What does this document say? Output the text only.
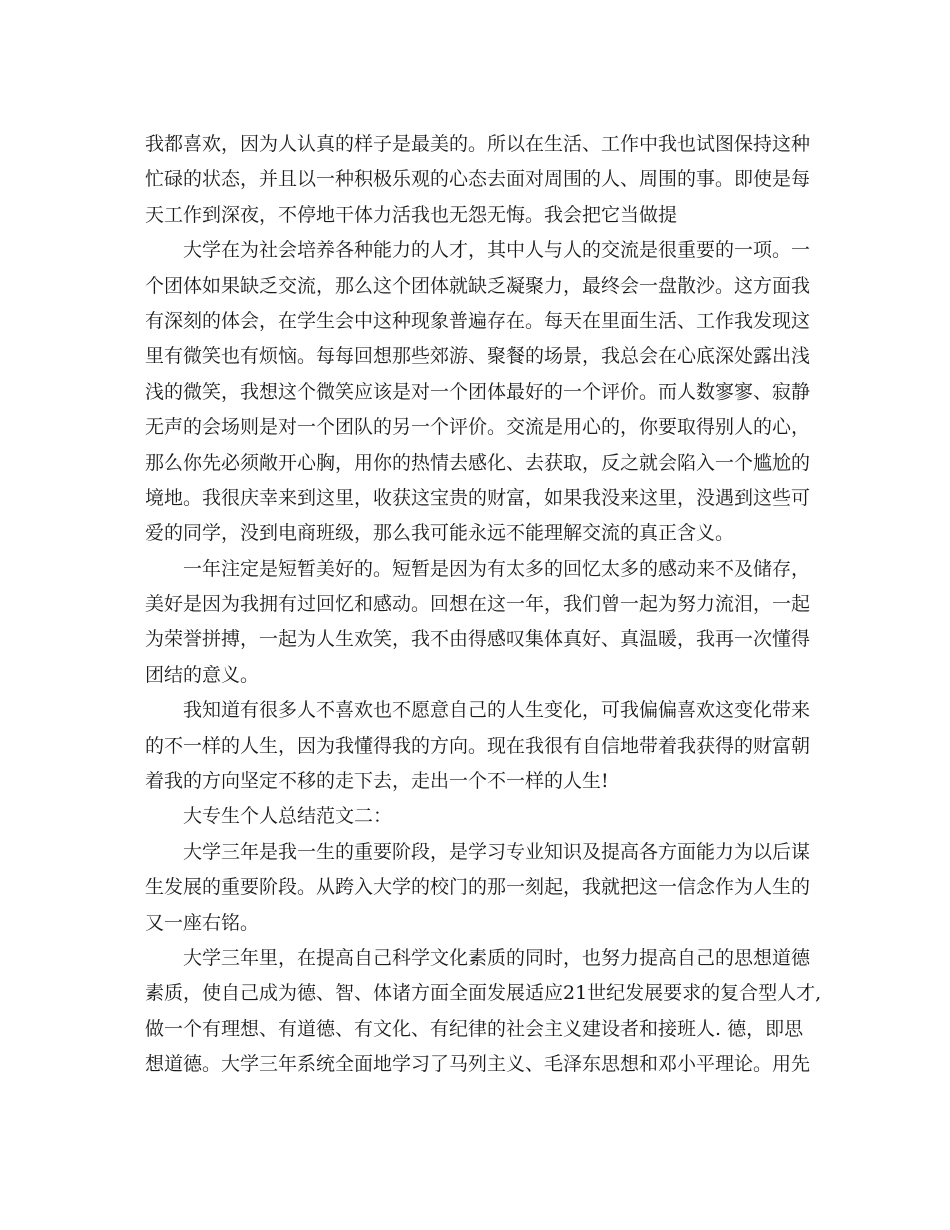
我都喜欢，因为人认真的样子是最美的。所以在生活、工作中我也试图保持这种
忙碌的状态，并且以一种积极乐观的心态去面对周围的人、周围的事。即使是每
天工作到深夜，不停地干体力活我也无怨无悔。我会把它当做提
大学在为社会培养各种能力的人才，其中人与人的交流是很重要的一项。一
个团体如果缺乏交流，那么这个团体就缺乏凝聚力，最终会一盘散沙。这方面我
有深刻的体会，在学生会中这种现象普遍存在。每天在里面生活、工作我发现这
里有微笑也有烦恼。每每回想那些郊游、聚餐的场景，我总会在心底深处露出浅
浅的微笑，我想这个微笑应该是对一个团体最好的一个评价。而人数寥寥、寂静
无声的会场则是对一个团队的另一个评价。交流是用心的，你要取得别人的心，
那么你先必须敞开心胸，用你的热情去感化、去获取，反之就会陷入一个尴尬的
境地。我很庆幸来到这里，收获这宝贵的财富，如果我没来这里，没遇到这些可
爱的同学，没到电商班级，那么我可能永远不能理解交流的真正含义。
一年注定是短暂美好的。短暂是因为有太多的回忆太多的感动来不及储存，
美好是因为我拥有过回忆和感动。回想在这一年，我们曾一起为努力流泪，一起
为荣誉拼搏，一起为人生欢笑，我不由得感叹集体真好、真温暖，我再一次懂得
团结的意义。
我知道有很多人不喜欢也不愿意自己的人生变化，可我偏偏喜欢这变化带来
的不一样的人生，因为我懂得我的方向。现在我很有自信地带着我获得的财富朝
着我的方向坚定不移的走下去，走出一个不一样的人生!
大专生个人总结范文二：
大学三年是我一生的重要阶段，是学习专业知识及提高各方面能力为以后谋
生发展的重要阶段。从跨入大学的校门的那一刻起，我就把这一信念作为人生的
又一座右铭。
大学三年里，在提高自己科学文化素质的同时，也努力提高自己的思想道德
素质，使自己成为德、智、体诸方面全面发展适应21世纪发展要求的复合型人才,
做一个有理想、有道德、有文化、有纪律的社会主义建设者和接班人. 德，即思
想道德。大学三年系统全面地学习了马列主义、毛泽东思想和邓小平理论。用先
